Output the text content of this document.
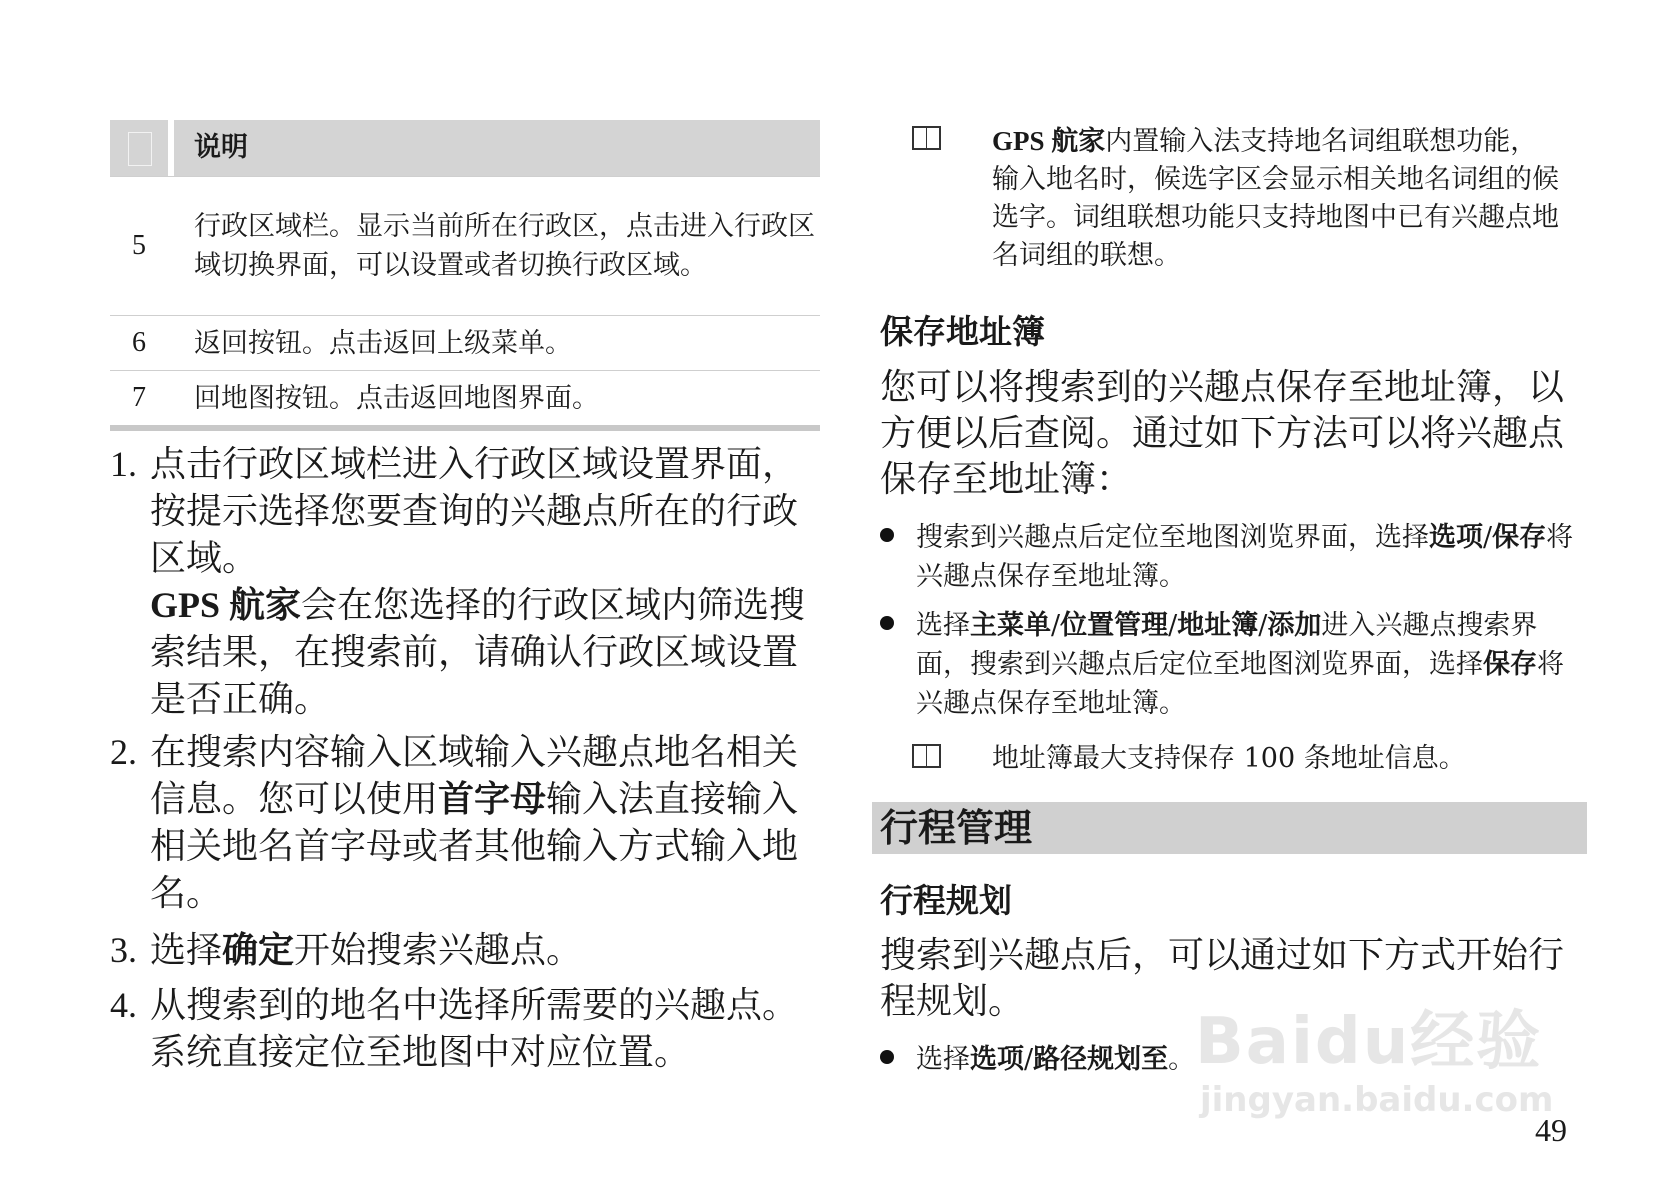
说明
5
行政区域栏。显示当前所在行政区，点击进入行政区域切换界面，可以设置或者切换行政区域。
6	返回按钮。点击返回上级菜单。
7	回地图按钮。点击返回地图界面。
1. 点击行政区域栏进入行政区域设置界面，按提示选择您要查询的兴趣点所在的行政区域。
GPS 航家会在您选择的行政区域内筛选搜索结果，在搜索前，请确认行政区域设置是否正确。
2. 在搜索内容输入区域输入兴趣点地名相关信息。您可以使用首字母输入法直接输入相关地名首字母或者其他输入方式输入地名。
3. 选择确定开始搜索兴趣点。
4. 从搜索到的地名中选择所需要的兴趣点。系统直接定位至地图中对应位置。
GPS 航家内置输入法支持地名词组联想功能，输入地名时，候选字区会显示相关地名词组的候选字。词组联想功能只支持地图中已有兴趣点地名词组的联想。
保存地址簿
您可以将搜索到的兴趣点保存至地址簿，以方便以后查阅。通过如下方法可以将兴趣点保存至地址簿：
搜索到兴趣点后定位至地图浏览界面，选择选项/保存将兴趣点保存至地址簿。
选择主菜单/位置管理/地址簿/添加进入兴趣点搜索界面，搜索到兴趣点后定位至地图浏览界面，选择保存将兴趣点保存至地址簿。
地址簿最大支持保存 100 条地址信息。
行程管理
行程规划
搜索到兴趣点后，可以通过如下方式开始行程规划。
选择选项/路径规划至。 Baidu经验
jingyan.baidu.com
49
